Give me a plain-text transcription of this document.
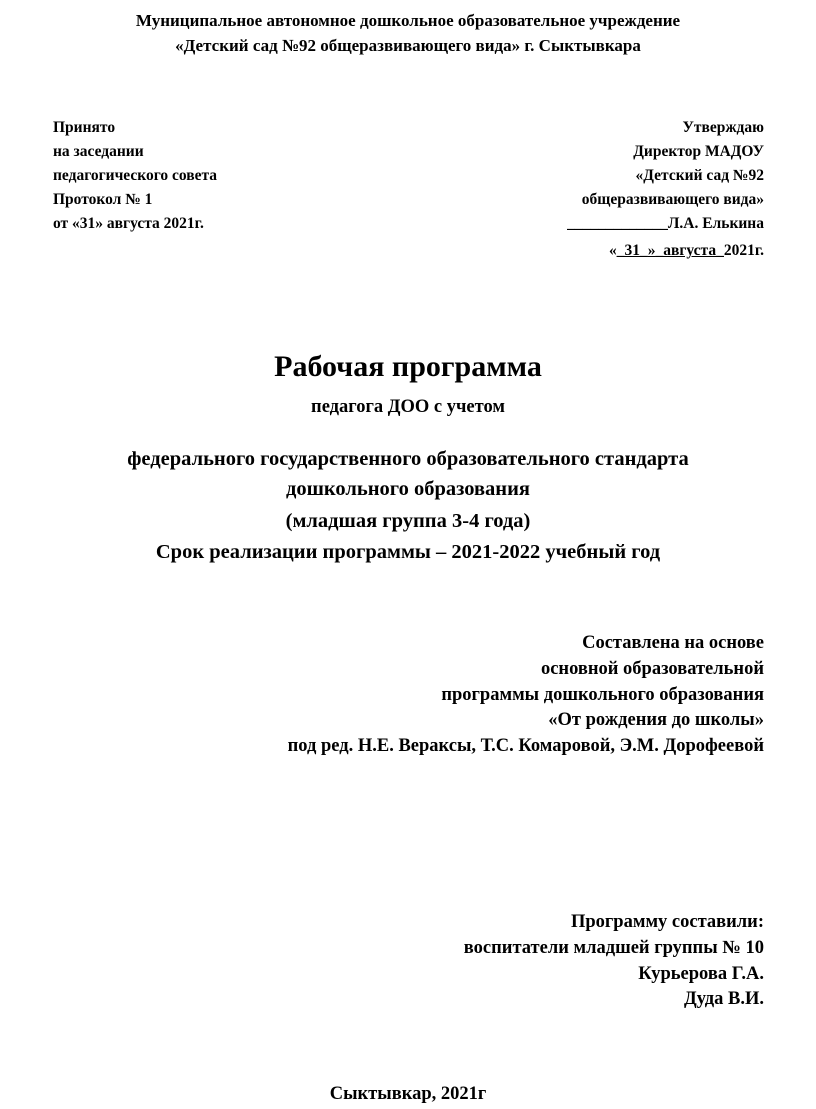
Муниципальное автономное дошкольное образовательное учреждение
«Детский сад №92 общеразвивающего вида» г. Сыктывкара
Принято
на заседании
педагогического совета
Протокол № 1
от «31» августа 2021г.
Утверждаю
Директор МАДОУ
«Детский сад №92
общеразвивающего вида»
_____________Л.А. Елькина
«_31_»_августа_2021г.
Рабочая программа
педагога ДОО с учетом
федерального государственного образовательного стандарта
дошкольного образования
(младшая группа 3-4 года)
Срок реализации программы – 2021-2022 учебный год
Составлена на основе
основной образовательной
программы дошкольного образования
«От рождения до школы»
под ред. Н.Е. Вераксы, Т.С. Комаровой, Э.М. Дорофеевой
Программу составили:
воспитатели младшей группы № 10
Курьерова Г.А.
Дуда В.И.
Сыктывкар, 2021г
